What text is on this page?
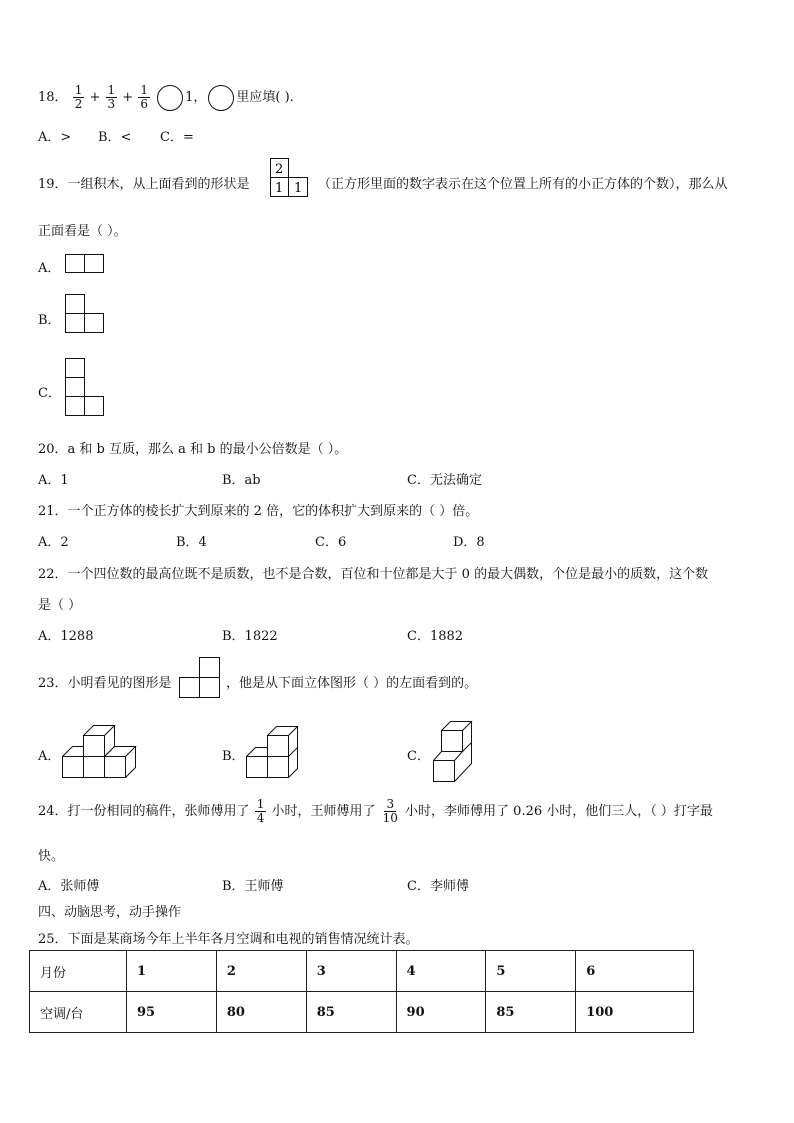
18． $\frac{1}{2} + \frac{1}{3} + \frac{1}{6}$	1， 里应填( ).
A．> B．< C．=
19．一组积木，从上面看到的形状是
2
1 1 （正方形里面的数字表示在这个位置上所有的小正方体的个数），那么从
正面看是（ ）。
A．
B．
C．
20．a 和 b 互质，那么 a 和 b 的最小公倍数是（ ）。
A．1	B．ab	C．无法确定
21．一个正方体的棱长扩大到原来的 2 倍，它的体积扩大到原来的（ ）倍。
A．2	B．4	C．6	D．8
22．一个四位数的最高位既不是质数，也不是合数，百位和十位都是大于 0 的最大偶数，个位是最小的质数，这个数
是（ ）
A．1288	B．1822	C．1882
23．小明看见的图形是	，他是从下面立体图形（ ）的左面看到的。
A．	B．	C．
24．打一份相同的稿件，张师傅用了 $\frac{1}{4}$ 小时，王师傅用了 $\frac{3}{10}$ 小时，李师傅用了 0.26 小时，他们三人，（ ）打字最
快。
A．张师傅	B．王师傅	C．李师傅
四、动脑思考，动手操作
25．下面是某商场今年上半年各月空调和电视的销售情况统计表。
月份	1	2	3	4	5	6
空调/台	95	80	85	90	85	100
